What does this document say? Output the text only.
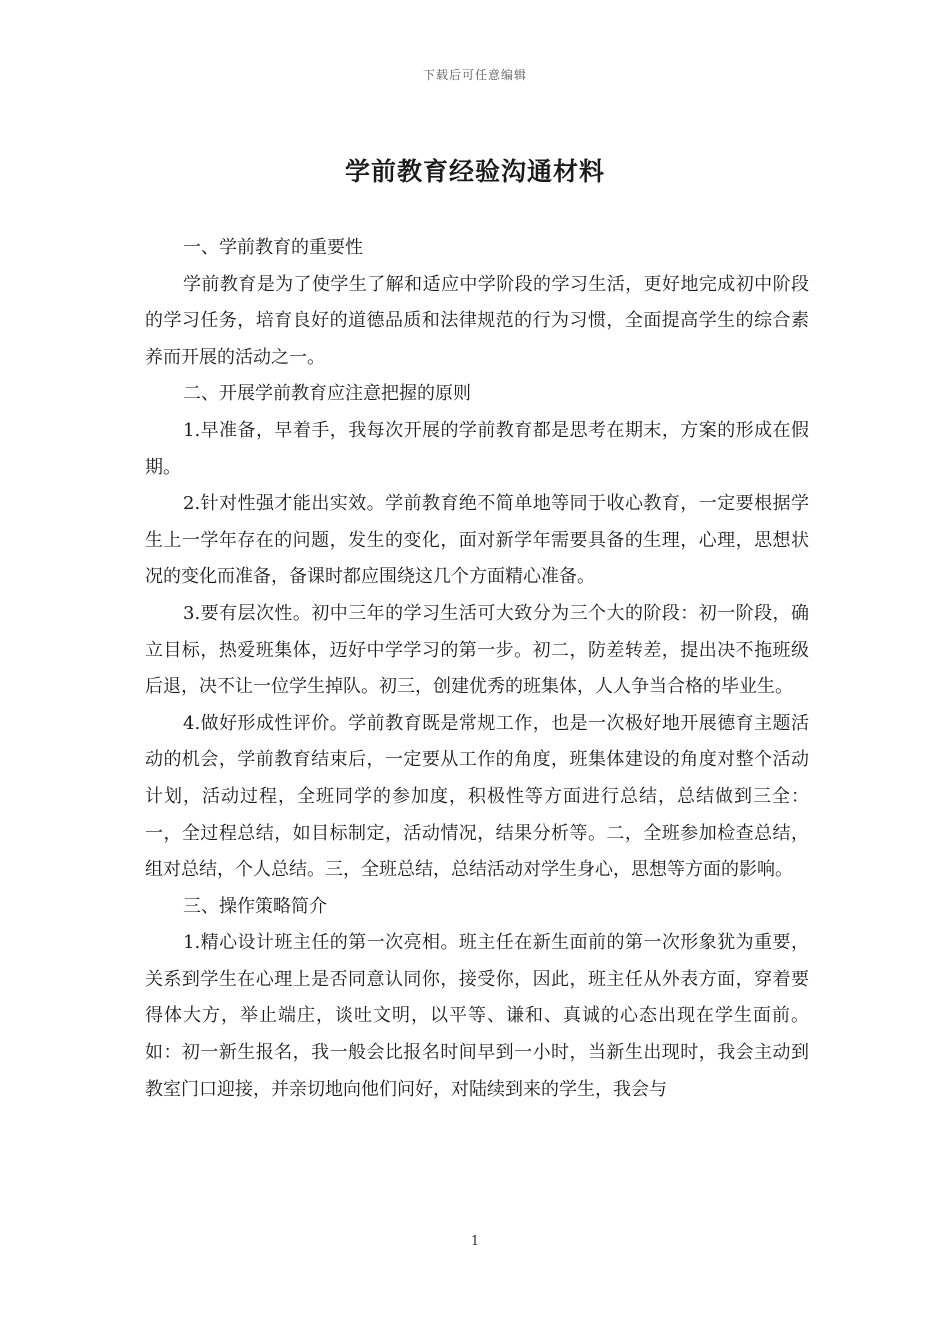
下载后可任意编辑
学前教育经验沟通材料

一、学前教育的重要性

学前教育是为了使学生了解和适应中学阶段的学习生活，更好地完成初中阶段的学习任务，培育良好的道德品质和法律规范的行为习惯，全面提高学生的综合素养而开展的活动之一。

二、开展学前教育应注意把握的原则

1.早准备，早着手，我每次开展的学前教育都是思考在期末，方案的形成在假期。

2.针对性强才能出实效。学前教育绝不简单地等同于收心教育，一定要根据学生上一学年存在的问题，发生的变化，面对新学年需要具备的生理，心理，思想状况的变化而准备，备课时都应围绕这几个方面精心准备。

3.要有层次性。初中三年的学习生活可大致分为三个大的阶段：初一阶段，确立目标，热爱班集体，迈好中学学习的第一步。初二，防差转差，提出决不拖班级后退，决不让一位学生掉队。初三，创建优秀的班集体，人人争当合格的毕业生。

4.做好形成性评价。学前教育既是常规工作，也是一次极好地开展德育主题活动的机会，学前教育结束后，一定要从工作的角度，班集体建设的角度对整个活动计划，活动过程，全班同学的参加度，积极性等方面进行总结，总结做到三全：一，全过程总结，如目标制定，活动情况，结果分析等。二，全班参加检查总结，组对总结，个人总结。三，全班总结，总结活动对学生身心，思想等方面的影响。

三、操作策略简介

1.精心设计班主任的第一次亮相。班主任在新生面前的第一次形象犹为重要，关系到学生在心理上是否同意认同你，接受你，因此，班主任从外表方面，穿着要得体大方，举止端庄，谈吐文明，以平等、谦和、真诚的心态出现在学生面前。如：初一新生报名，我一般会比报名时间早到一小时，当新生出现时，我会主动到教室门口迎接，并亲切地向他们问好，对陆续到来的学生，我会与

1
